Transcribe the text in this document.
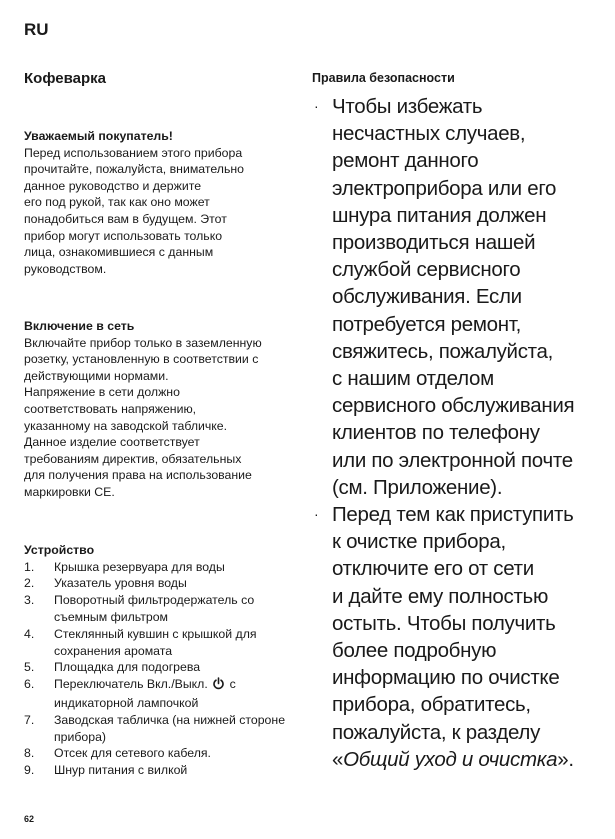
RU
Кофеварка
Уважаемый покупатель!

Перед использованием этого прибора
прочитайте, пожалуйста, внимательно
данное руководство и держите
его под рукой, так как оно может
понадобиться вам в будущем. Этот
прибор могут использовать только
лица, ознакомившиеся с данным
руководством.

Включение в сеть

Включайте прибор только в заземленную
розетку, установленную в соответствии с
действующими нормами.
Напряжение в сети должно
соответствовать напряжению,
указанному на заводской табличке.
Данное изделие соответствует
требованиям директив, обязательных
для получения права на использование
маркировки CE.

Устройство
1.	Крышка резервуара для воды
2.	Указатель уровня воды
3.	Поворотный фильтродержатель со съемным фильтром
4.	Стеклянный кувшин с крышкой для сохранения аромата
5.	Площадка для подогрева
6.	Переключатель Вкл./Выкл. с индикаторной лампочкой
7.	Заводская табличка (на нижней стороне прибора)
8.	Отсек для сетевого кабеля.
9.	Шнур питания с вилкой
62
Правила безопасности
· Чтобы избежать
несчастных случаев,
ремонт данного
электроприбора или его
шнура питания должен
производиться нашей
службой сервисного
обслуживания. Если
потребуется ремонт,
свяжитесь, пожалуйста,
с нашим отделом
сервисного обслуживания
клиентов по телефону
или по электронной почте
(см. Приложение).
· Перед тем как приступить
к очистке прибора,
отключите его от сети
и дайте ему полностью
остыть. Чтобы получить
более подробную
информацию по очистке
прибора, обратитесь,
пожалуйста, к разделу
«Общий уход и очистка».
